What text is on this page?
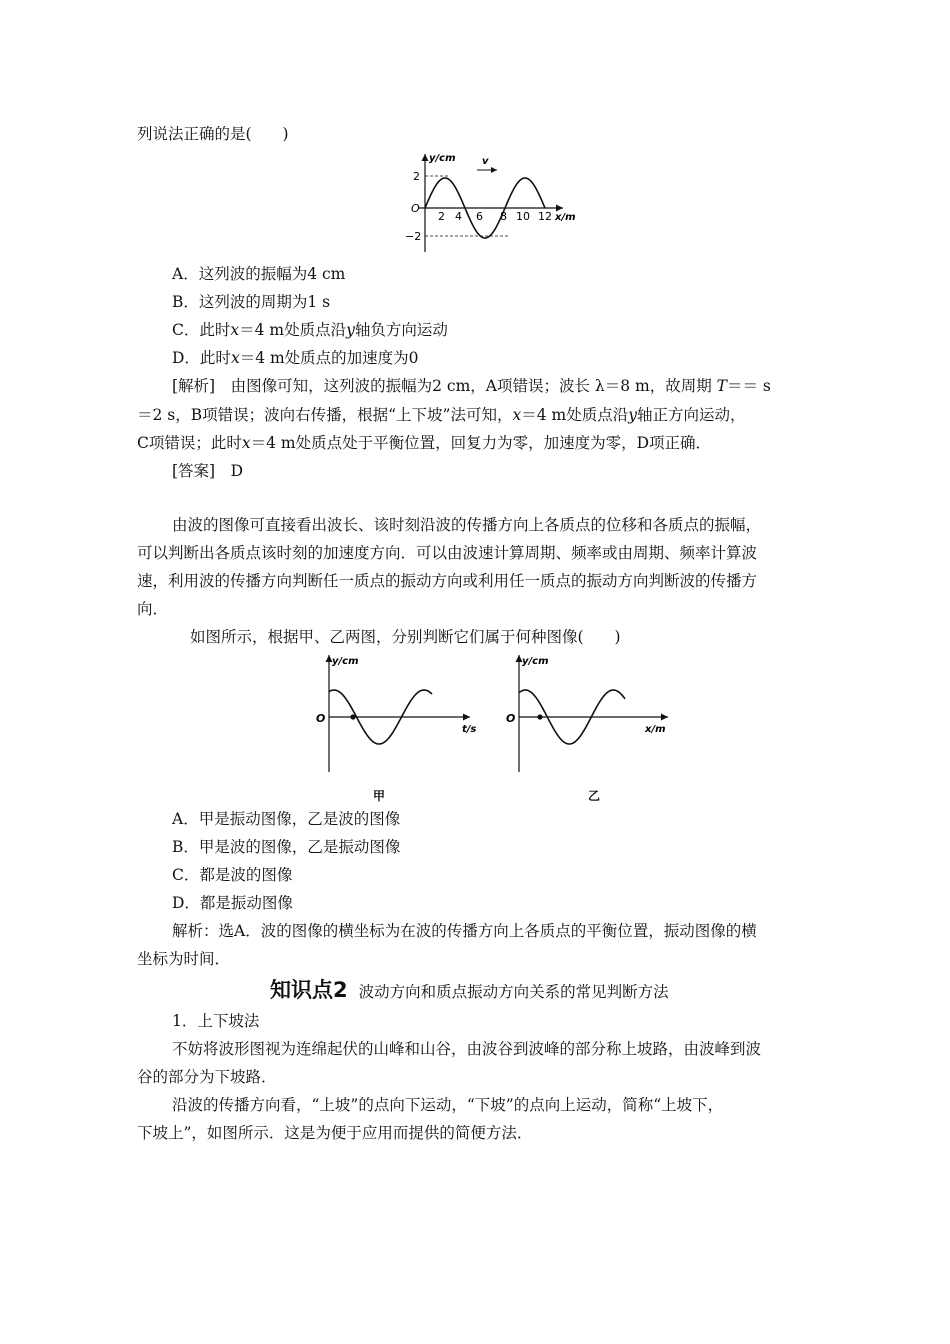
列说法正确的是(　　)
y/cm	v
2
O
−2
2 4 6 8 10 12 x/m
A．这列波的振幅为4 cm
B．这列波的周期为1 s
C．此时x＝4 m处质点沿y轴负方向运动
D．此时x＝4 m处质点的加速度为0
[解析]　由图像可知，这列波的振幅为2 cm，A项错误；波长 λ＝8 m，故周期 T＝＝ s
＝2 s，B项错误；波向右传播，根据“上下坡”法可知，x＝4 m处质点沿y轴正方向运动，
C项错误；此时x＝4 m处质点处于平衡位置，回复力为零，加速度为零，D项正确．
[答案]　D
由波的图像可直接看出波长、该时刻沿波的传播方向上各质点的位移和各质点的振幅，
可以判断出各质点该时刻的加速度方向．可以由波速计算周期、频率或由周期、频率计算波
速，利用波的传播方向判断任一质点的振动方向或利用任一质点的振动方向判断波的传播方
向．
如图所示，根据甲、乙两图，分别判断它们属于何种图像(　　)
y/cm
O
t/s
甲
y/cm
O
x/m
乙
A．甲是振动图像，乙是波的图像
B．甲是波的图像，乙是振动图像
C．都是波的图像
D．都是振动图像
解析：选A．波的图像的横坐标为在波的传播方向上各质点的平衡位置，振动图像的横
坐标为时间．
知识点2 波动方向和质点振动方向关系的常见判断方法
1．上下坡法
不妨将波形图视为连绵起伏的山峰和山谷，由波谷到波峰的部分称上坡路，由波峰到波
谷的部分为下坡路．
沿波的传播方向看，“上坡”的点向下运动，“下坡”的点向上运动，简称“上坡下，
下坡上”，如图所示．这是为便于应用而提供的简便方法．
